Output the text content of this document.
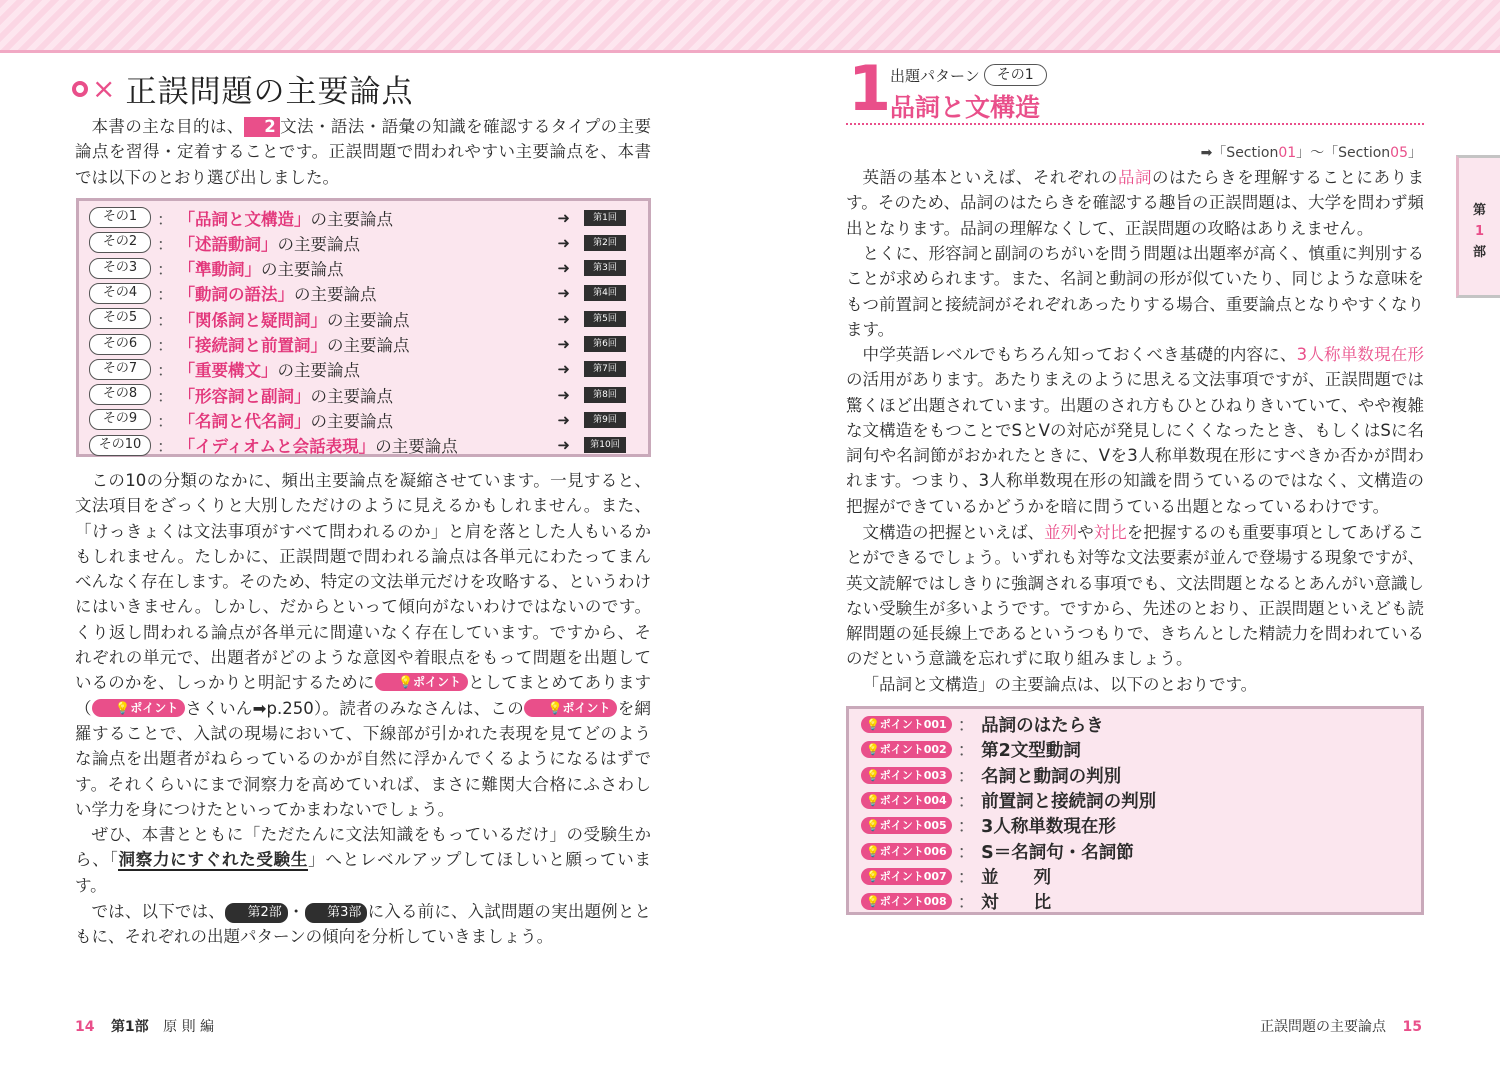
× 正誤問題の主要論点
本書の主な目的は、 2 文法・語法・語彙の知識を確認するタイプの主要論点を習得・定着することです。正誤問題で問われやすい主要論点を、本書では以下のとおり選び出しました。
その1	： 「品詞と文構造」 の主要論点	➜	第1回
その2	： 「述語動詞」 の主要論点	➜	第2回
その3	： 「準動詞」 の主要論点	➜	第3回
その4	： 「動詞の語法」 の主要論点	➜	第4回
その5	： 「関係詞と疑問詞」 の主要論点	➜	第5回
その6	： 「接続詞と前置詞」 の主要論点	➜	第6回
その7	： 「重要構文」 の主要論点	➜	第7回
その8	： 「形容詞と副詞」 の主要論点	➜	第8回
その9	： 「名詞と代名詞」 の主要論点	➜	第9回
その10 ： 「イディオムと会話表現」 の主要論点	➜	第10回
この10の分類のなかに、頻出主要論点を凝縮させています。一見すると、文法項目をざっくりと大別しただけのように見えるかもしれません。また、「けっきょくは文法事項がすべて問われるのか」と肩を落とした人もいるかもしれません。たしかに、正誤問題で問われる論点は各単元にわたってまんべんなく存在します。そのため、特定の文法単元だけを攻略する、というわけにはいきません。しかし、だからといって傾向がないわけではないのです。くり返し問われる論点が各単元に間違いなく存在しています。ですから、それぞれの単元で、出題者がどのような意図や着眼点をもって問題を出題しているのかを、しっかりと明記するために 💡ポイント としてまとめてあります（ 💡ポイント さくいん➡p.250）。読者のみなさんは、この 💡ポイント を網羅することで、入試の現場において、下線部が引かれた表現を見てどのような論点を出題者がねらっているのかが自然に浮かんでくるようになるはずです。それくらいにまで洞察力を高めていれば、まさに難関大合格にふさわしい学力を身につけたといってかまわないでしょう。
ぜひ、本書とともに「ただたんに文法知識をもっているだけ」の受験生から、「洞察力にすぐれた受験生」へとレベルアップしてほしいと願っています。
では、以下では、 第2部 ・ 第3部 に入る前に、入試問題の実出題例とともに、それぞれの出題パターンの傾向を分析していきましょう。
14 第1部 原 則 編
1
出題パターン	その1
品詞と文構造
➡「Section01」〜「Section05」
英語の基本といえば、それぞれの品詞のはたらきを理解することにあります。そのため、品詞のはたらきを確認する趣旨の正誤問題は、大学を問わず頻出となります。品詞の理解なくして、正誤問題の攻略はありえません。
とくに、形容詞と副詞のちがいを問う問題は出題率が高く、慎重に判別することが求められます。また、名詞と動詞の形が似ていたり、同じような意味をもつ前置詞と接続詞がそれぞれあったりする場合、重要論点となりやすくなります。
中学英語レベルでもちろん知っておくべき基礎的内容に、3人称単数現在形の活用があります。あたりまえのように思える文法事項ですが、正誤問題では驚くほど出題されています。出題のされ方もひとひねりきいていて、やや複雑な文構造をもつことでSとVの対応が発見しにくくなったとき、もしくはSに名詞句や名詞節がおかれたときに、Vを3人称単数現在形にすべきか否かが問われます。つまり、3人称単数現在形の知識を問うているのではなく、文構造の把握ができているかどうかを暗に問うている出題となっているわけです。
文構造の把握といえば、並列や対比を把握するのも重要事項としてあげることができるでしょう。いずれも対等な文法要素が並んで登場する現象ですが、英文読解ではしきりに強調される事項でも、文法問題となるとあんがい意識しない受験生が多いようです。ですから、先述のとおり、正誤問題といえども読解問題の延長線上であるというつもりで、きちんとした精読力を問われているのだという意識を忘れずに取り組みましょう。
「品詞と文構造」の主要論点は、以下のとおりです。
💡ポイント001 ： 品詞のはたらき
💡ポイント002 ： 第2文型動詞
💡ポイント003 ： 名詞と動詞の判別
💡ポイント004 ： 前置詞と接続詞の判別
💡ポイント005 ： 3人称単数現在形
💡ポイント006 ： S＝名詞句・名詞節
💡ポイント007 ： 並　　列
💡ポイント008 ： 対　　比
第
1
部
正誤問題の主要論点 15
